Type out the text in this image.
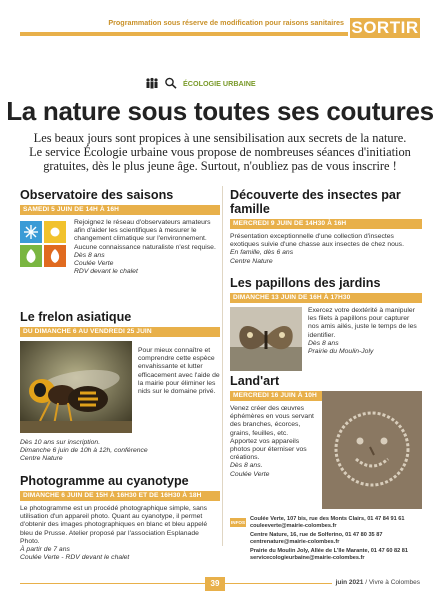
Programmation sous réserve de modification pour raisons sanitaires SORTIR
ÉCOLOGIE URBAINE
La nature sous toutes ses coutures

Les beaux jours sont propices à une sensibilisation aux secrets de la nature. Le service Écologie urbaine vous propose de nombreuses séances d'initiation gratuites, dès le plus jeune âge. Surtout, n'oubliez pas de vous inscrire !

Observatoire des saisons
SAMEDI 5 JUIN DE 14H À 16H

Rejoignez le réseau d'observateurs amateurs afin d'aider les scientifiques à mesurer le changement climatique sur l'environnement. Aucune connaissance naturaliste n'est requise.

Dès 8 ans

Coulée Verte

RDV devant le chalet

Le frelon asiatique
DU DIMANCHE 6 AU VENDREDI 25 JUIN

Pour mieux connaître et comprendre cette espèce envahissante et lutter efficacement avec l'aide de la mairie pour éliminer les nids sur le domaine privé.

Dès 10 ans sur inscription.

Dimanche 6 juin de 10h à 12h, conférence

Centre Nature

Photogramme au cyanotype
DIMANCHE 6 JUIN DE 15H À 16H30 ET DE 16H30 À 18H

Le photogramme est un procédé photographique simple, sans utilisation d'un appareil photo. Quant au cyanotype, il permet d'obtenir des images photographiques en blanc et bleu appelé bleu de Prusse. Atelier proposé par l'association Esplanade Photo.

À partir de 7 ans

Coulée Verte - RDV devant le chalet

Découverte des insectes par famille
MERCREDI 9 JUIN DE 14H30 À 16H

Présentation exceptionnelle d'une collection d'insectes exotiques suivie d'une chasse aux insectes de chez nous.

En famille, dès 6 ans

Centre Nature

Les papillons des jardins
DIMANCHE 13 JUIN DE 16H À 17H30

Exercez votre dextérité à manipuler les filets à papillons pour capturer nos amis ailés, juste le temps de les identifier.

Dès 8 ans

Prairie du Moulin-Joly

Land'art
MERCREDI 16 JUIN À 10H

Venez créer des œuvres éphémères en vous servant des branches, écorces, grains, feuilles, etc. Apportez vos appareils photos pour éterniser vos créations.

Dès 8 ans.

Coulée Verte

INFOS

Coulée Verte, 107 bis, rue des Monts Clairs, 01 47 84 91 61
couleeverte@mairie-colombes.fr

Centre Nature, 16, rue de Solferino, 01 47 80 35 87
centrenature@mairie-colombes.fr

Prairie du Moulin Joly, Allée de L'Ile Marante, 01 47 60 82 81
servicecologieurbaine@mairie-colombes.fr

39	juin 2021 / Vivre à Colombes
